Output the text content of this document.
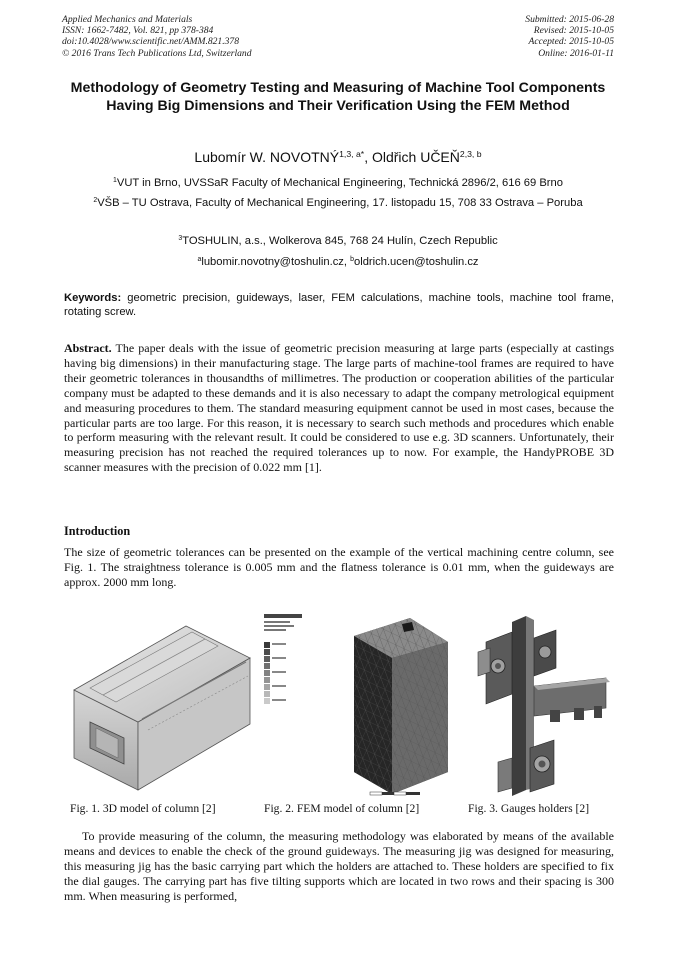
Applied Mechanics and Materials
ISSN: 1662-7482, Vol. 821, pp 378-384
doi:10.4028/www.scientific.net/AMM.821.378
© 2016 Trans Tech Publications Ltd, Switzerland
Submitted: 2015-06-28
Revised: 2015-10-05
Accepted: 2015-10-05
Online: 2016-01-11
Methodology of Geometry Testing and Measuring of Machine Tool Components Having Big Dimensions and Their Verification Using the FEM Method
Lubomír W. $NOVOTNÝ^{1,3, a*}$, Oldřich UČEŇ$^{2,3, b}$
$^1$VUT in Brno, UVSSaR Faculty of Mechanical Engineering, Technická 2896/2, 616 69 Brno
$^2$VŠB – TU Ostrava, Faculty of Mechanical Engineering, 17. listopadu 15, 708 33 Ostrava – Poruba
$^3$TOSHULIN, a.s., Wolkerova 845, 768 24 Hulín, Czech Republic
$^a$lubomir.novotny@toshulin.cz, $^b$oldrich.ucen@toshulin.cz
Keywords: geometric precision, guideways, laser, FEM calculations, machine tools, machine tool frame, rotating screw.
Abstract. The paper deals with the issue of geometric precision measuring at large parts (especially at castings having big dimensions) in their manufacturing stage. The large parts of machine-tool frames are required to have their geometric tolerances in thousandths of millimetres. The production or cooperation abilities of the particular company must be adapted to these demands and it is also necessary to adapt the company metrological equipment and measuring procedures to them. The standard measuring equipment cannot be used in most cases, because the particular parts are too large. For this reason, it is necessary to search such methods and procedures which enable to perform measuring with the relevant result. It could be considered to use e.g. 3D scanners. Unfortunately, their measuring precision has not reached the required tolerances up to now. For example, the HandyPROBE 3D scanner measures with the precision of 0.022 mm [1].
Introduction
The size of geometric tolerances can be presented on the example of the vertical machining centre column, see Fig. 1. The straightness tolerance is 0.005 mm and the flatness tolerance is 0.01 mm, when the guideways are approx. 2000 mm long.
Fig. 1. 3D model of column [2]	Fig. 2. FEM model of column [2]	Fig. 3. Gauges holders [2]
To provide measuring of the column, the measuring methodology was elaborated by means of the available means and devices to enable the check of the ground guideways. The measuring jig was designed for measuring, this measuring jig has the basic carrying part which the holders are attached to. These holders are specified to fix the dial gauges. The carrying part has five tilting supports which are located in two rows and their spacing is 300 mm. When measuring is performed,
